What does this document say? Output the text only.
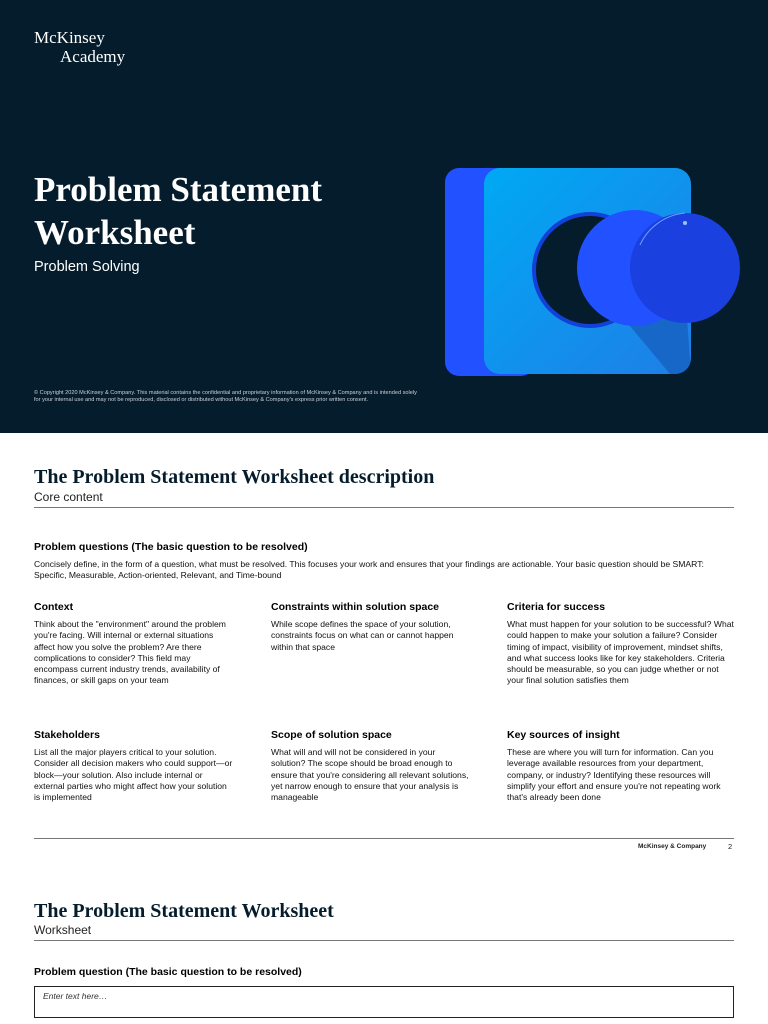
McKinsey
Academy
Problem Statement Worksheet
Problem Solving
© Copyright 2020 McKinsey & Company. This material contains the confidential and proprietary information of McKinsey & Company and is intended solely for your internal use and may not be reproduced, disclosed or distributed without McKinsey & Company's express prior written consent.
The Problem Statement Worksheet description
Core content
Problem questions (The basic question to be resolved)
Concisely define, in the form of a question, what must be resolved. This focuses your work and ensures that your findings are actionable. Your basic question should be SMART: Specific, Measurable, Action-oriented, Relevant, and Time-bound
Context
Think about the "environment" around the problem you're facing. Will internal or external situations affect how you solve the problem? Are there complications to consider? This field may encompass current industry trends, availability of finances, or skill gaps on your team
Constraints within solution space
While scope defines the space of your solution, constraints focus on what can or cannot happen within that space
Criteria for success
What must happen for your solution to be successful? What could happen to make your solution a failure? Consider timing of impact, visibility of improvement, mindset shifts, and what success looks like for key stakeholders. Criteria should be measurable, so you can judge whether or not your final solution satisfies them
Stakeholders
List all the major players critical to your solution. Consider all decision makers who could support—or block—your solution. Also include internal or external parties who might affect how your solution is implemented
Scope of solution space
What will and will not be considered in your solution? The scope should be broad enough to ensure that you're considering all relevant solutions, yet narrow enough to ensure that your analysis is manageable
Key sources of insight
These are where you will turn for information. Can you leverage available resources from your department, company, or industry? Identifying these resources will simplify your effort and ensure you're not repeating work that's already been done
McKinsey & Company	2
The Problem Statement Worksheet
Worksheet
Problem question (The basic question to be resolved)
Enter text here…
